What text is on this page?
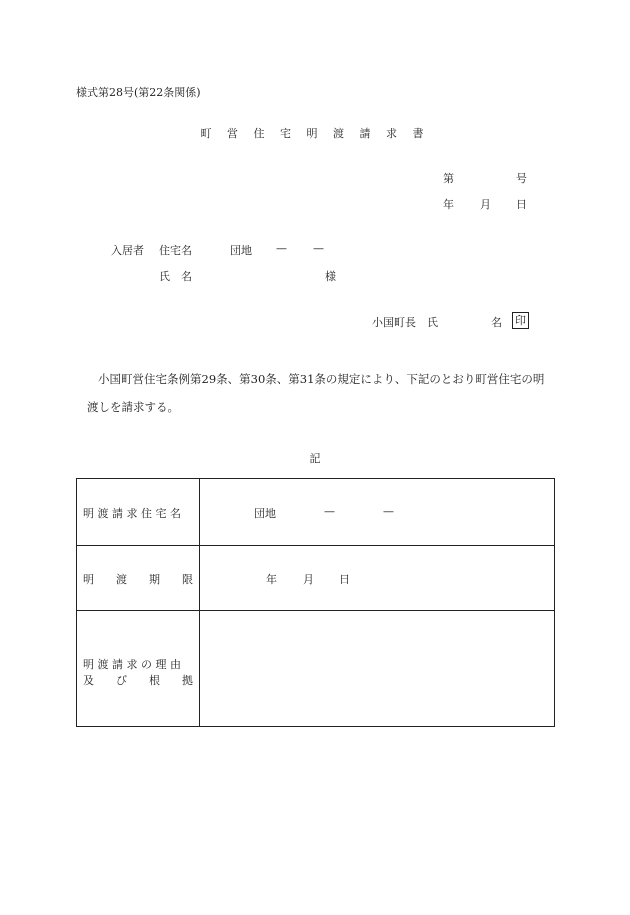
様式第28号(第22条関係)
町 営 住 宅 明 渡 請 求 書
第	号
年 月 日
入居者 住宅名	団地 — —
氏　名	様
小国町長　氏	名 印
小国町営住宅条例第29条、第30条、第31条の規定により、下記のとおり町営住宅の明
渡しを請求する。
記
明 渡 請 求 住 宅 名	団地	—	—
明　　渡　　期　　限	年 月 日
明 渡 請 求 の 理 由
及　　び　　根　　拠
